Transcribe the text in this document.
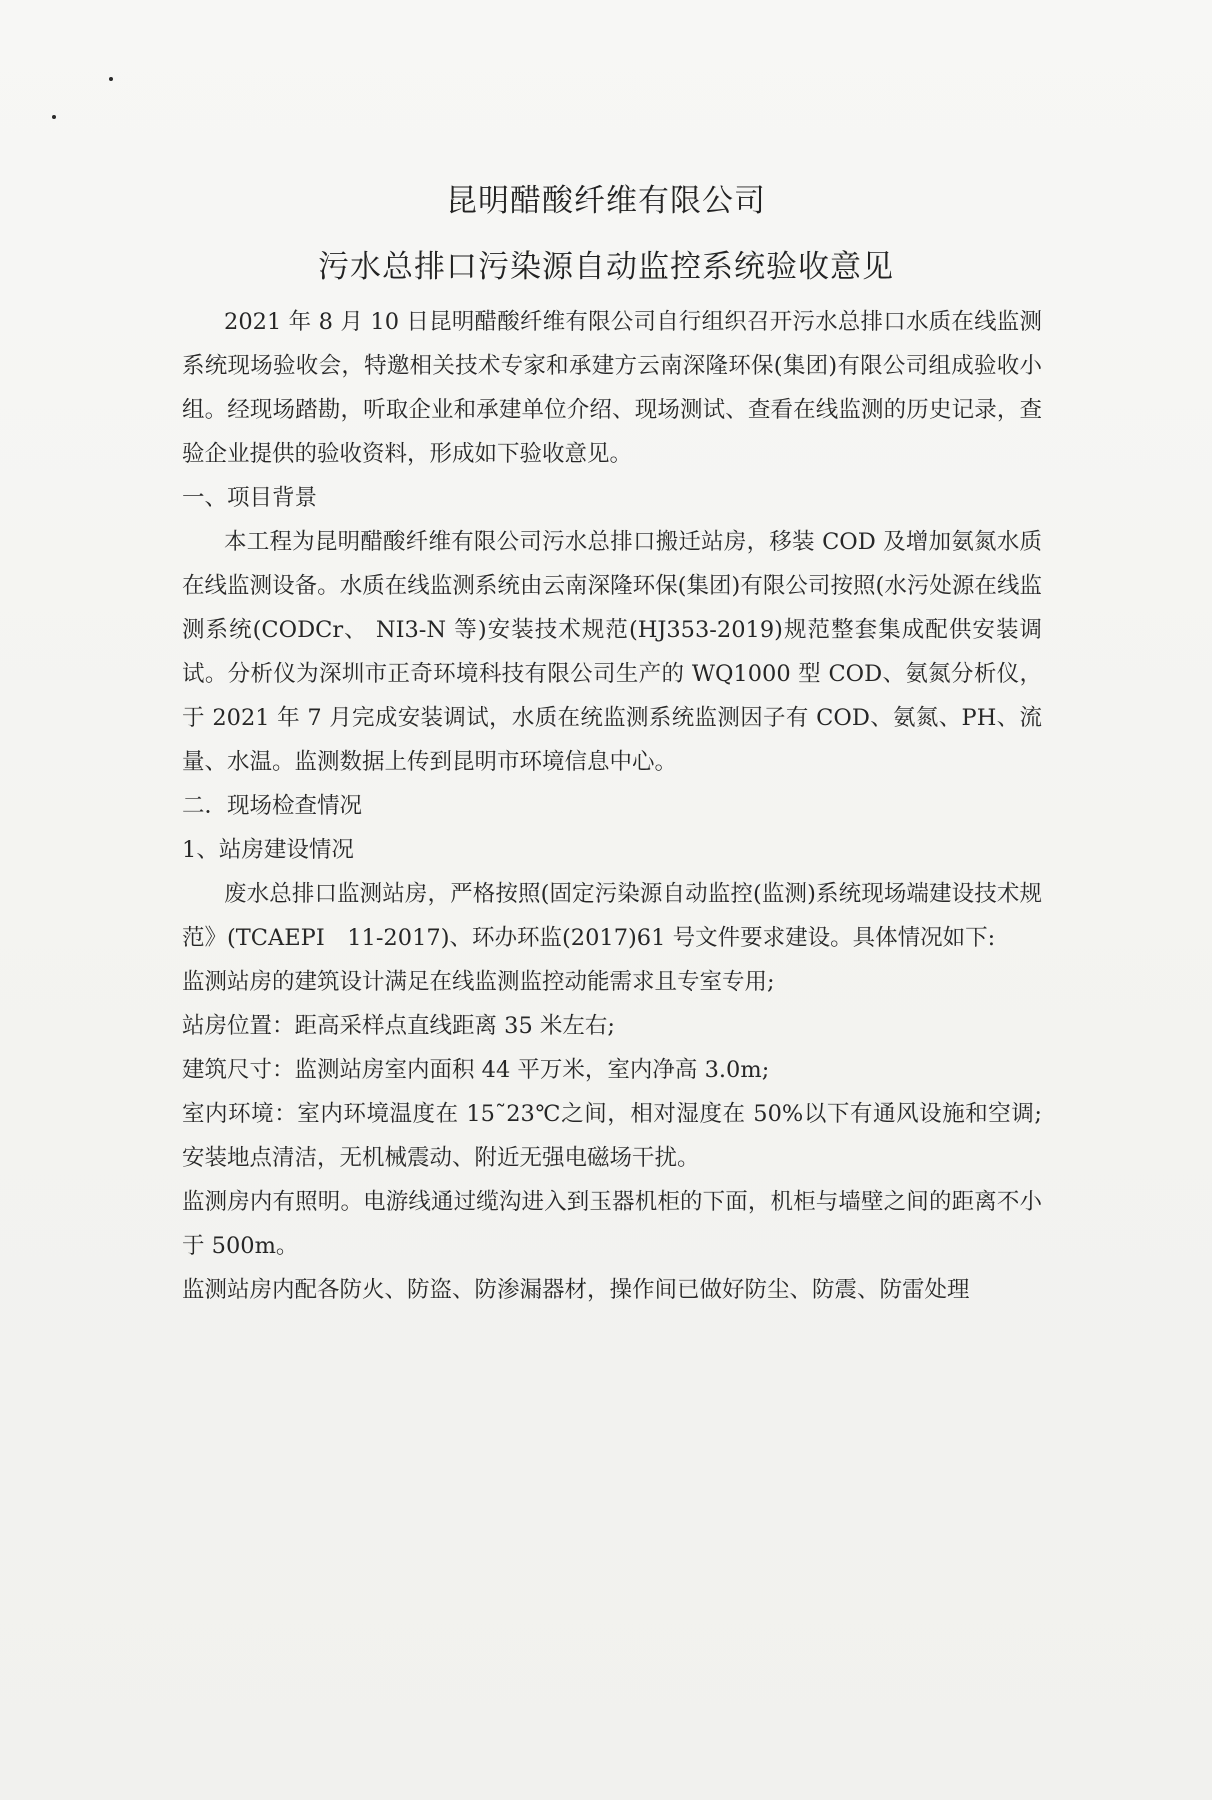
昆明醋酸纤维有限公司
污水总排口污染源自动监控系统验收意见

2021 年 8 月 10 日昆明醋酸纤维有限公司自行组织召开污水总排口水质在线监测系统现场验收会，特邀相关技术专家和承建方云南深隆环保(集团)有限公司组成验收小组。经现场踏勘，听取企业和承建单位介绍、现场测试、查看在线监测的历史记录，查验企业提供的验收资料，形成如下验收意见。

一、项目背景

本工程为昆明醋酸纤维有限公司污水总排口搬迁站房，移装 COD 及增加氨氮水质在线监测设备。水质在线监测系统由云南深隆环保(集团)有限公司按照(水污处源在线监测系统(CODCr、 NI3-N 等)安装技术规范(HJ353-2019)规范整套集成配供安装调试。分析仪为深圳市正奇环境科技有限公司生产的 WQ1000 型 COD、氨氮分析仪，于 2021 年 7 月完成安装调试，水质在统监测系统监测因子有 COD、氨氮、PH、流量、水温。监测数据上传到昆明市环境信息中心。

二．现场检查情况

1、站房建设情况

废水总排口监测站房，严格按照(固定污染源自动监控(监测)系统现场端建设技术规范》(TCAEPI　11-2017)、环办环监(2017)61 号文件要求建设。具体情况如下:

监测站房的建筑设计满足在线监测监控动能需求且专室专用;

站房位置：距高采样点直线距离 35 米左右;

建筑尺寸：监测站房室内面积 44 平万米，室内净高 3.0m;

室内环境：室内环境温度在 15˜23℃之间，相对湿度在 50%以下有通风设施和空调;安装地点清洁，无机械震动、附近无强电磁场干扰。

监测房内有照明。电游线通过缆沟进入到玉器机柜的下面，机柜与墙壁之间的距离不小于 500m。

监测站房内配各防火、防盗、防渗漏器材，操作间已做好防尘、防震、防雷处理
